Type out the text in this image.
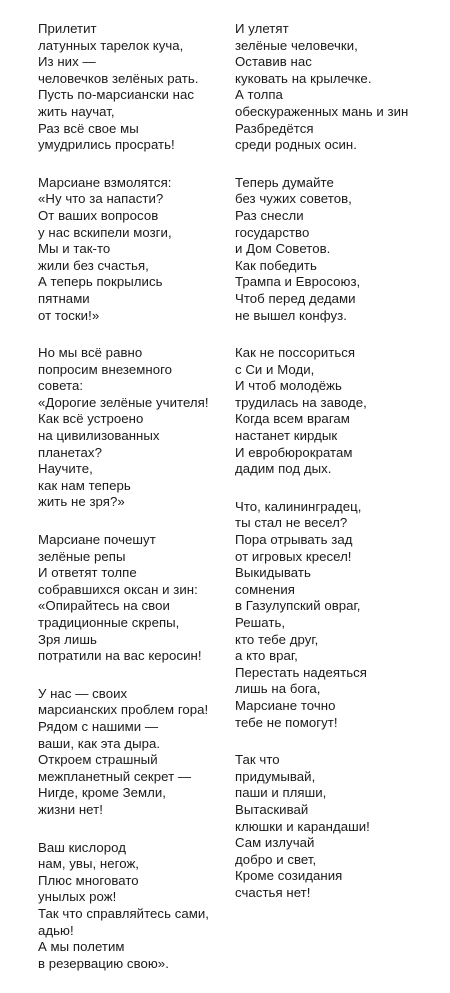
Прилетит
латунных тарелок куча,
Из них —
человечков зелёных рать.
Пусть по-марсиански нас
жить научат,
Раз всё свое мы
умудрились просрать!
Марсиане взмолятся:
«Ну что за напасти?
От ваших вопросов
у нас вскипели мозги,
Мы и так-то
жили без счастья,
А теперь покрылись
пятнами
от тоски!»
Но мы всё равно
попросим внеземного
совета:
«Дорогие зелёные учителя!
Как всё устроено
на цивилизованных
планетах?
Научите,
как нам теперь
жить не зря?»
Марсиане почешут
зелёные репы
И ответят толпе
собравшихся оксан и зин:
«Опирайтесь на свои
традиционные скрепы,
Зря лишь
потратили на вас керосин!
У нас — своих
марсианских проблем гора!
Рядом с нашими —
ваши, как эта дыра.
Откроем страшный
межпланетный секрет —
Нигде, кроме Земли,
жизни нет!
Ваш кислород
нам, увы, негож,
Плюс многовато
унылых рож!
Так что справляйтесь сами,
адью!
А мы полетим
в резервацию свою».
И улетят
зелёные человечки,
Оставив нас
куковать на крылечке.
А толпа
обескураженных мань и зин
Разбредётся
среди родных осин.
Теперь думайте
без чужих советов,
Раз снесли
государство
и Дом Советов.
Как победить
Трампа и Евросоюз,
Чтоб перед дедами
не вышел конфуз.
Как не поссориться
с Си и Моди,
И чтоб молодёжь
трудилась на заводе,
Когда всем врагам
настанет кирдык
И евробюрократам
дадим под дых.
Что, калининградец,
ты стал не весел?
Пора отрывать зад
от игровых кресел!
Выкидывать
сомнения
в Газулупский овраг,
Решать,
кто тебе друг,
а кто враг,
Перестать надеяться
лишь на бога,
Марсиане точно
тебе не помогут!
Так что
придумывай,
паши и пляши,
Вытаскивай
клюшки и карандаши!
Сам излучай
добро и свет,
Кроме созидания
счастья нет!
